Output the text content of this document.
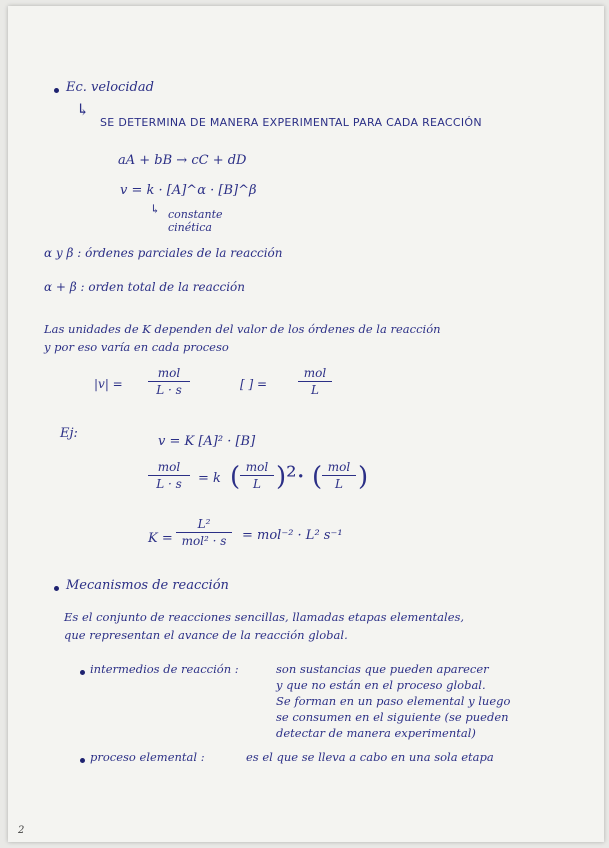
Ec. velocidad
↳
SE DETERMINA DE MANERA EXPERIMENTAL PARA CADA REACCIÓN
aA + bB → cC + dD
v = k · [A]^α · [B]^β
↳ constante cinética
α y β : órdenes parciales de la reacción
α + β : orden total de la reacción
Las unidades de K dependen del valor de los órdenes de la reacción
y por eso varía en cada proceso
|v| =
mol
L · s	[ ] =
mol
L
Ej:
v = K [A]² · [B]
mol
L · s	= k ( mol
L )²· ( mol
L )
K =
L²
mol² · s	= mol⁻² · L² s⁻¹
Mecanismos de reacción
Es el conjunto de reacciones sencillas, llamadas etapas elementales,
que representan el avance de la reacción global.
intermedios de reacción :	son sustancias que pueden aparecer
y que no están en el proceso global.
Se forman en un paso elemental y luego
se consumen en el siguiente (se pueden
detectar de manera experimental)
proceso elemental :	es el que se lleva a cabo en una sola etapa
2
